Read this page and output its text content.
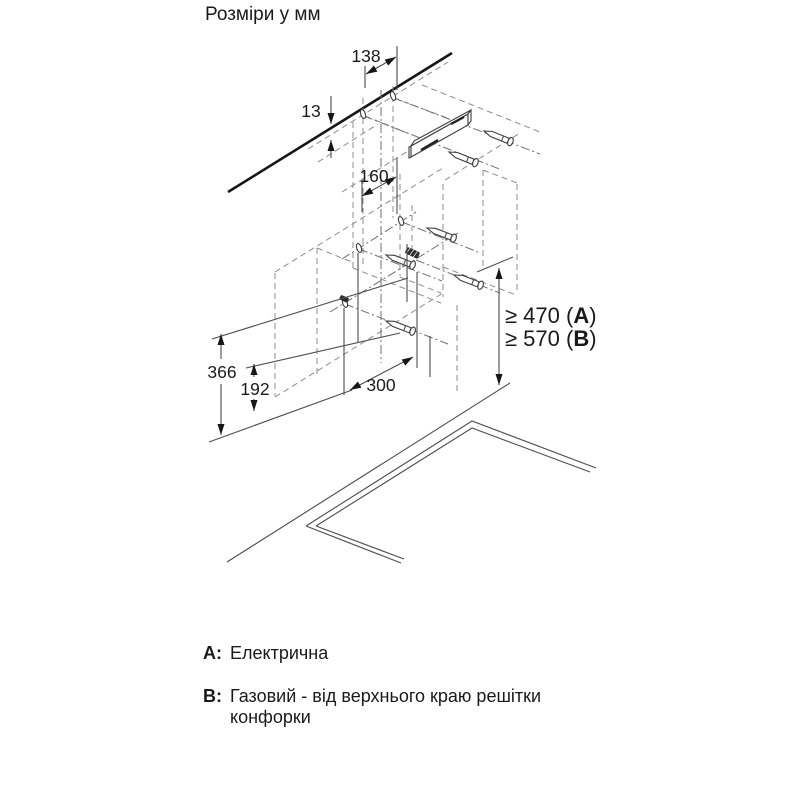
Розміри у мм
138
13
160
366
192	300
≥ 470 (A)
≥ 570 (B)
A: Електрична
B: Газовий - від верхнього краю решітки конфорки
